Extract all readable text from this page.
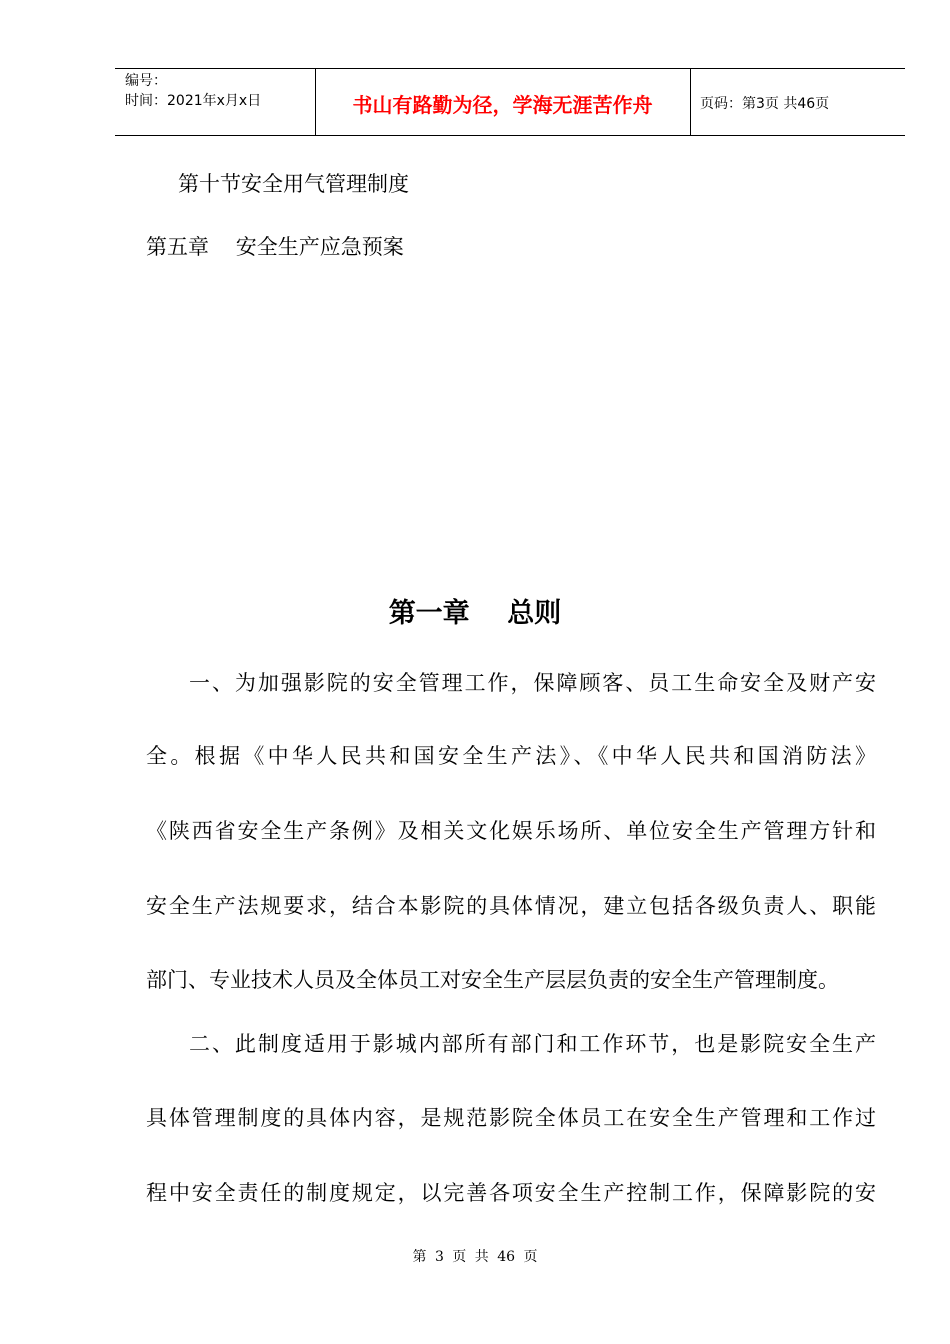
编号：
时间：2021年x月x日	书山有路勤为径，学海无涯苦作舟	页码：第3页 共46页
第十节安全用气管理制度
第五章    安全生产应急预案
第一章    总则
一、为加强影院的安全管理工作，保障顾客、员工生命安全及财产安
全。根据《中华人民共和国安全生产法》、《中华人民共和国消防法》
《陕西省安全生产条例》及相关文化娱乐场所、单位安全生产管理方针和
安全生产法规要求，结合本影院的具体情况，建立包括各级负责人、职能
部门、专业技术人员及全体员工对安全生产层层负责的安全生产管理制度。
二、此制度适用于影城内部所有部门和工作环节，也是影院安全生产
具体管理制度的具体内容，是规范影院全体员工在安全生产管理和工作过
程中安全责任的制度规定，以完善各项安全生产控制工作，保障影院的安
第 3 页 共 46 页
